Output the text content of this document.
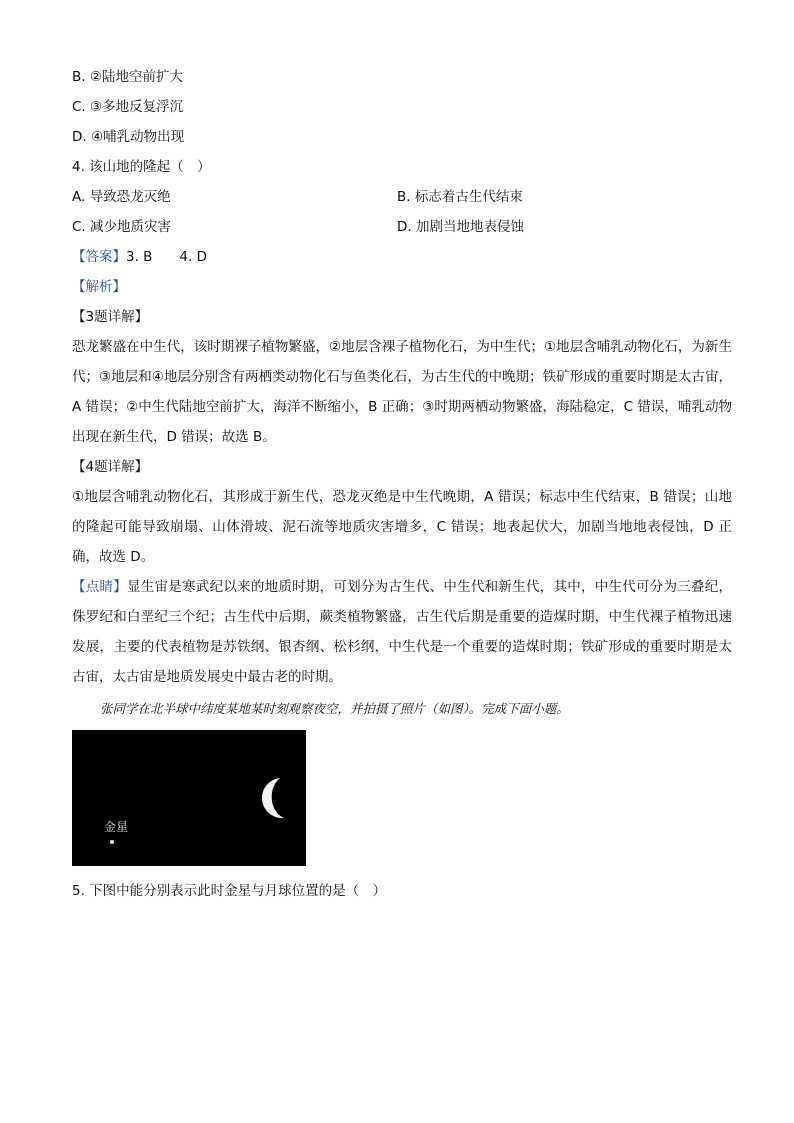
B. ②陆地空前扩大
C. ③多地反复浮沉
D. ④哺乳动物出现
4. 该山地的隆起（　）
A. 导致恐龙灭绝	B. 标志着古生代结束
C. 减少地质灾害	D. 加剧当地地表侵蚀
【答案】3. B　　4. D
【解析】
【3题详解】
恐龙繁盛在中生代，该时期裸子植物繁盛，②地层含裸子植物化石，为中生代；①地层含哺乳动物化石，为新生代；③地层和④地层分别含有两栖类动物化石与鱼类化石，为古生代的中晚期；铁矿形成的重要时期是太古宙，A 错误；②中生代陆地空前扩大，海洋不断缩小，B 正确；③时期两栖动物繁盛，海陆稳定，C 错误，哺乳动物出现在新生代，D 错误；故选 B。
【4题详解】
①地层含哺乳动物化石，其形成于新生代，恐龙灭绝是中生代晚期，A 错误；标志中生代结束，B 错误；山地的隆起可能导致崩塌、山体滑坡、泥石流等地质灾害增多，C 错误；地表起伏大，加剧当地地表侵蚀，D 正确，故选 D。
【点睛】显生宙是寒武纪以来的地质时期，可划分为古生代、中生代和新生代，其中，中生代可分为三叠纪，侏罗纪和白垩纪三个纪；古生代中后期，蕨类植物繁盛，古生代后期是重要的造煤时期，中生代裸子植物迅速发展，主要的代表植物是苏铁纲、银杏纲、松杉纲，中生代是一个重要的造煤时期；铁矿形成的重要时期是太古宙，太古宙是地质发展史中最古老的时期。
张同学在北半球中纬度某地某时刻观察夜空，并拍摄了照片（如图）。完成下面小题。
金星
5. 下图中能分别表示此时金星与月球位置的是（　）
